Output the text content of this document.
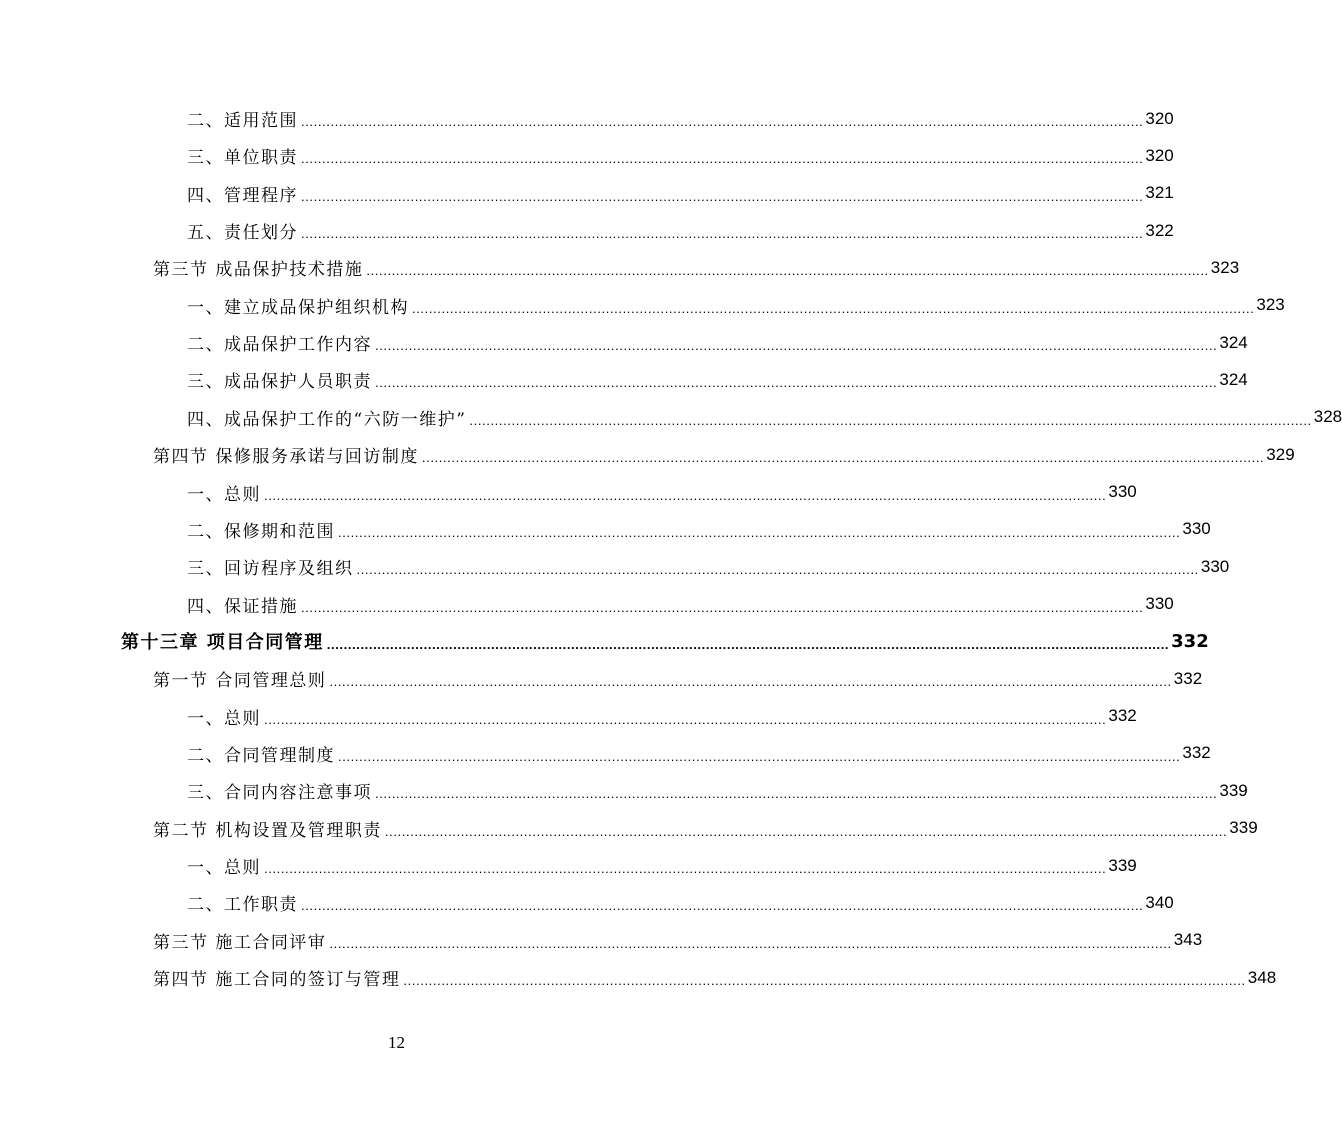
二、适用范围 ........................................................................................................................................................................................................ 320
三、单位职责 ........................................................................................................................................................................................................ 320
四、管理程序 ........................................................................................................................................................................................................ 321
五、责任划分 ........................................................................................................................................................................................................ 322
第三节 成品保护技术措施 ........................................................................................................................................................................................................ 323
一、建立成品保护组织机构 ........................................................................................................................................................................................................ 323
二、成品保护工作内容 ........................................................................................................................................................................................................ 324
三、成品保护人员职责 ........................................................................................................................................................................................................ 324
四、成品保护工作的“六防一维护” ........................................................................................................................................................................................................ 328
第四节 保修服务承诺与回访制度 ........................................................................................................................................................................................................ 329
一、总则 ........................................................................................................................................................................................................ 330
二、保修期和范围 ........................................................................................................................................................................................................ 330
三、回访程序及组织 ........................................................................................................................................................................................................ 330
四、保证措施 ........................................................................................................................................................................................................ 330
第十三章 项目合同管理 ........................................................................................................................................................................................................ 332
第一节 合同管理总则 ........................................................................................................................................................................................................ 332
一、总则 ........................................................................................................................................................................................................ 332
二、合同管理制度 ........................................................................................................................................................................................................ 332
三、合同内容注意事项 ........................................................................................................................................................................................................ 339
第二节 机构设置及管理职责 ........................................................................................................................................................................................................ 339
一、总则 ........................................................................................................................................................................................................ 339
二、工作职责 ........................................................................................................................................................................................................ 340
第三节 施工合同评审 ........................................................................................................................................................................................................ 343
第四节 施工合同的签订与管理 ........................................................................................................................................................................................................ 348
12
